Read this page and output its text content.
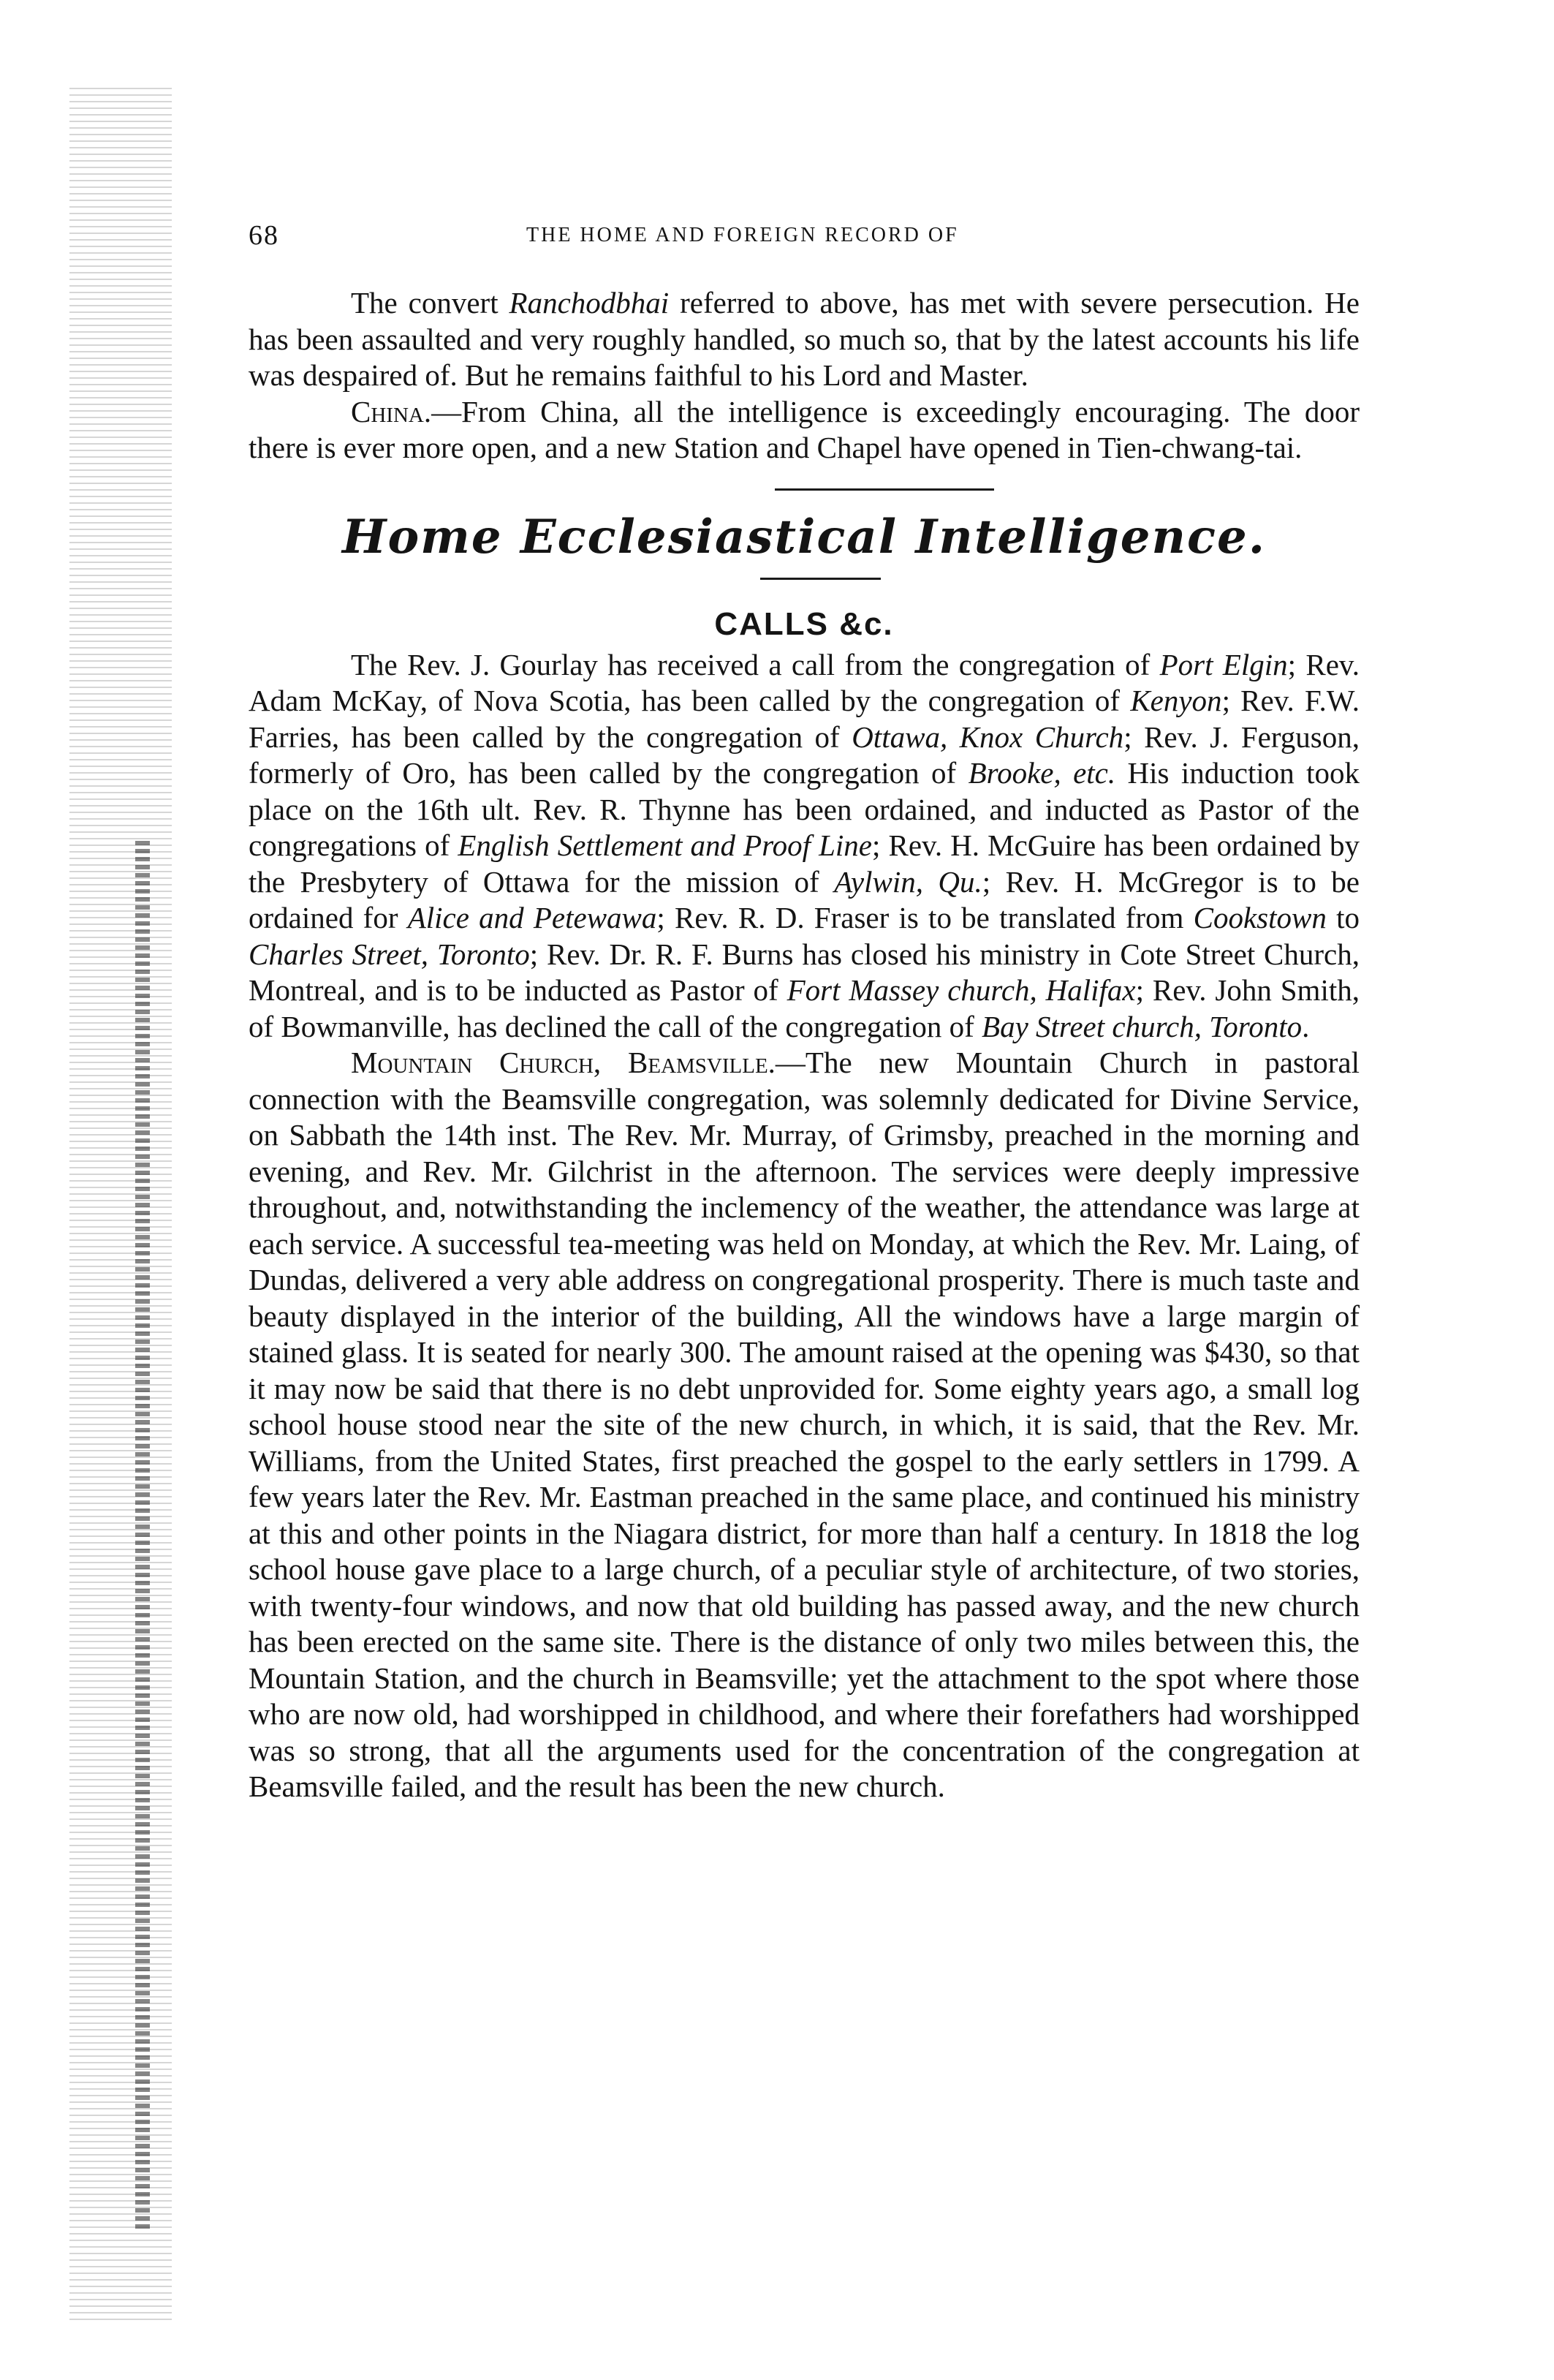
68	THE HOME AND FOREIGN RECORD OF

The convert Ranchodbhai referred to above, has met with severe persecution. He has been assaulted and very roughly handled, so much so, that by the latest accounts his life was despaired of. But he remains faithful to his Lord and Master.

China.—From China, all the intelligence is exceedingly encouraging. The door there is ever more open, and a new Station and Chapel have opened in Tien-chwang-tai.

Home Ecclesiastical Intelligence.
CALLS &c.

The Rev. J. Gourlay has received a call from the congregation of Port Elgin; Rev. Adam McKay, of Nova Scotia, has been called by the congregation of Kenyon; Rev. F.W. Farries, has been called by the congregation of Ottawa, Knox Church; Rev. J. Ferguson, formerly of Oro, has been called by the congregation of Brooke, etc. His induction took place on the 16th ult. Rev. R. Thynne has been ordained, and inducted as Pastor of the congregations of English Settlement and Proof Line; Rev. H. McGuire has been ordained by the Presbytery of Ottawa for the mission of Aylwin, Qu.; Rev. H. McGregor is to be ordained for Alice and Petewawa; Rev. R. D. Fraser is to be translated from Cookstown to Charles Street, Toronto; Rev. Dr. R. F. Burns has closed his ministry in Cote Street Church, Montreal, and is to be inducted as Pastor of Fort Massey church, Halifax; Rev. John Smith, of Bowmanville, has declined the call of the congregation of Bay Street church, Toronto.

Mountain Church, Beamsville.—The new Mountain Church in pastoral connection with the Beamsville congregation, was solemnly dedicated for Divine Service, on Sabbath the 14th inst. The Rev. Mr. Murray, of Grimsby, preached in the morning and evening, and Rev. Mr. Gilchrist in the afternoon. The services were deeply impressive throughout, and, notwithstanding the inclemency of the weather, the attendance was large at each service. A successful tea-meeting was held on Monday, at which the Rev. Mr. Laing, of Dundas, delivered a very able address on congregational prosperity. There is much taste and beauty displayed in the interior of the building, All the windows have a large margin of stained glass. It is seated for nearly 300. The amount raised at the opening was $430, so that it may now be said that there is no debt unprovided for. Some eighty years ago, a small log school house stood near the site of the new church, in which, it is said, that the Rev. Mr. Williams, from the United States, first preached the gospel to the early settlers in 1799. A few years later the Rev. Mr. Eastman preached in the same place, and continued his ministry at this and other points in the Niagara district, for more than half a century. In 1818 the log school house gave place to a large church, of a peculiar style of architecture, of two stories, with twenty-four windows, and now that old building has passed away, and the new church has been erected on the same site. There is the distance of only two miles between this, the Mountain Station, and the church in Beamsville; yet the attachment to the spot where those who are now old, had worshipped in childhood, and where their forefathers had worshipped was so strong, that all the arguments used for the concentration of the congregation at Beamsville failed, and the result has been the new church.
